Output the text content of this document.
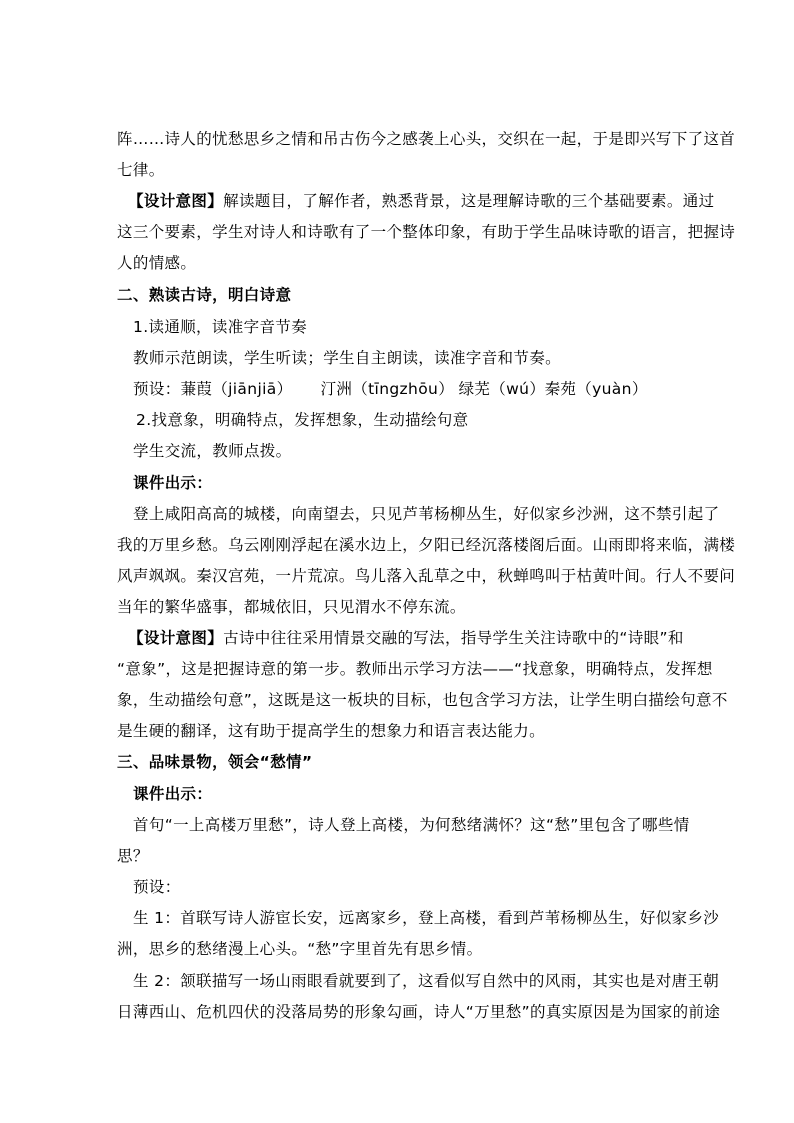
阵……诗人的忧愁思乡之情和吊古伤今之感袭上心头，交织在一起，于是即兴写下了这首
七律。
【设计意图】解读题目，了解作者，熟悉背景，这是理解诗歌的三个基础要素。通过
这三个要素，学生对诗人和诗歌有了一个整体印象，有助于学生品味诗歌的语言，把握诗
人的情感。
二、熟读古诗，明白诗意
1.读通顺，读准字音节奏
教师示范朗读，学生听读；学生自主朗读，读准字音和节奏。
预设：蒹葭（jiānjiā） 汀洲（tīngzhōu） 绿芜（wú）秦苑（yuàn）
2.找意象，明确特点，发挥想象，生动描绘句意
学生交流，教师点拨。
课件出示：
登上咸阳高高的城楼，向南望去，只见芦苇杨柳丛生，好似家乡沙洲，这不禁引起了
我的万里乡愁。乌云刚刚浮起在溪水边上，夕阳已经沉落楼阁后面。山雨即将来临，满楼
风声飒飒。秦汉宫苑，一片荒凉。鸟儿落入乱草之中，秋蝉鸣叫于枯黄叶间。行人不要问
当年的繁华盛事，都城依旧，只见渭水不停东流。
【设计意图】古诗中往往采用情景交融的写法，指导学生关注诗歌中的“诗眼”和
“意象”，这是把握诗意的第一步。教师出示学习方法——“找意象，明确特点，发挥想
象，生动描绘句意”，这既是这一板块的目标，也包含学习方法，让学生明白描绘句意不
是生硬的翻译，这有助于提高学生的想象力和语言表达能力。
三、品味景物，领会“愁情”
课件出示：
首句“一上高楼万里愁”，诗人登上高楼，为何愁绪满怀？这“愁”里包含了哪些情
思？
预设：
生 1：首联写诗人游宦长安，远离家乡，登上高楼，看到芦苇杨柳丛生，好似家乡沙
洲，思乡的愁绪漫上心头。“愁”字里首先有思乡情。
生 2：颔联描写一场山雨眼看就要到了，这看似写自然中的风雨，其实也是对唐王朝
日薄西山、危机四伏的没落局势的形象勾画，诗人“万里愁”的真实原因是为国家的前途
